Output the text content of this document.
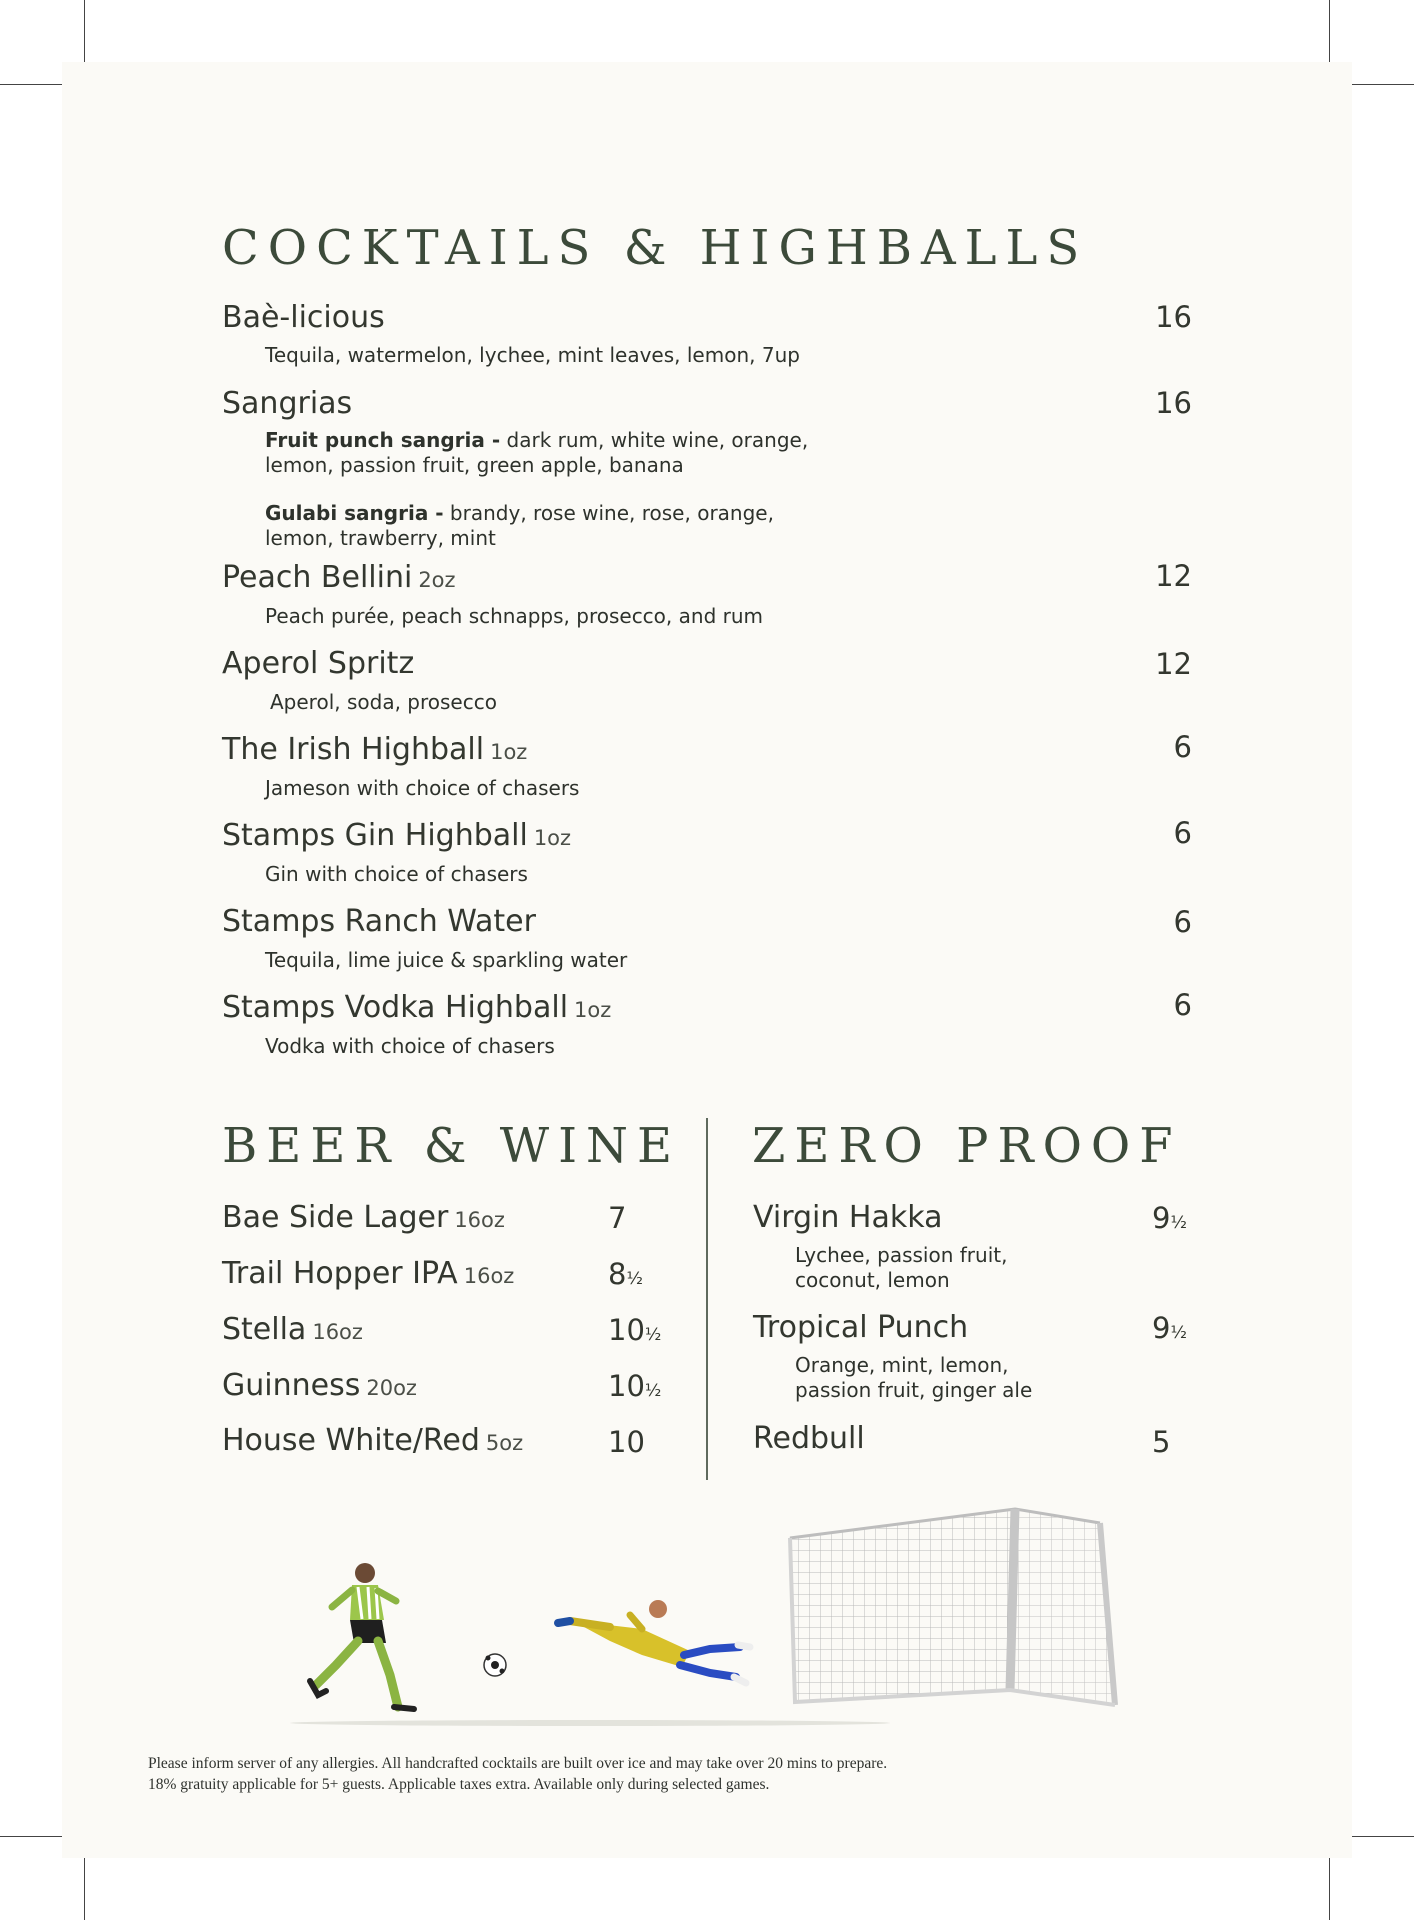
COCKTAILS & HIGHBALLS
Baè-licious	16
Tequila, watermelon, lychee, mint leaves, lemon, 7up
Sangrias	16
Fruit punch sangria - dark rum, white wine, orange,
lemon, passion fruit, green apple, banana
Gulabi sangria - brandy, rose wine, rose, orange,
lemon, trawberry, mint
Peach Bellini 2oz	12
Peach purée, peach schnapps, prosecco, and rum
Aperol Spritz	12
Aperol, soda, prosecco
The Irish Highball 1oz	6
Jameson with choice of chasers
Stamps Gin Highball 1oz	6
Gin with choice of chasers
Stamps Ranch Water	6
Tequila, lime juice & sparkling water
Stamps Vodka Highball 1oz	6
Vodka with choice of chasers
BEER & WINE
Bae Side Lager 16oz	7
Trail Hopper IPA 16oz	8½
Stella 16oz	10½
Guinness 20oz	10½
House White/Red 5oz	10
ZERO PROOF
Virgin Hakka	9½
Lychee, passion fruit,
coconut, lemon
Tropical Punch	9½
Orange, mint, lemon,
passion fruit, ginger ale
Redbull	5
Please inform server of any allergies. All handcrafted cocktails are built over ice and may take over 20 mins to prepare.
18% gratuity applicable for 5+ guests. Applicable taxes extra. Available only during selected games.
